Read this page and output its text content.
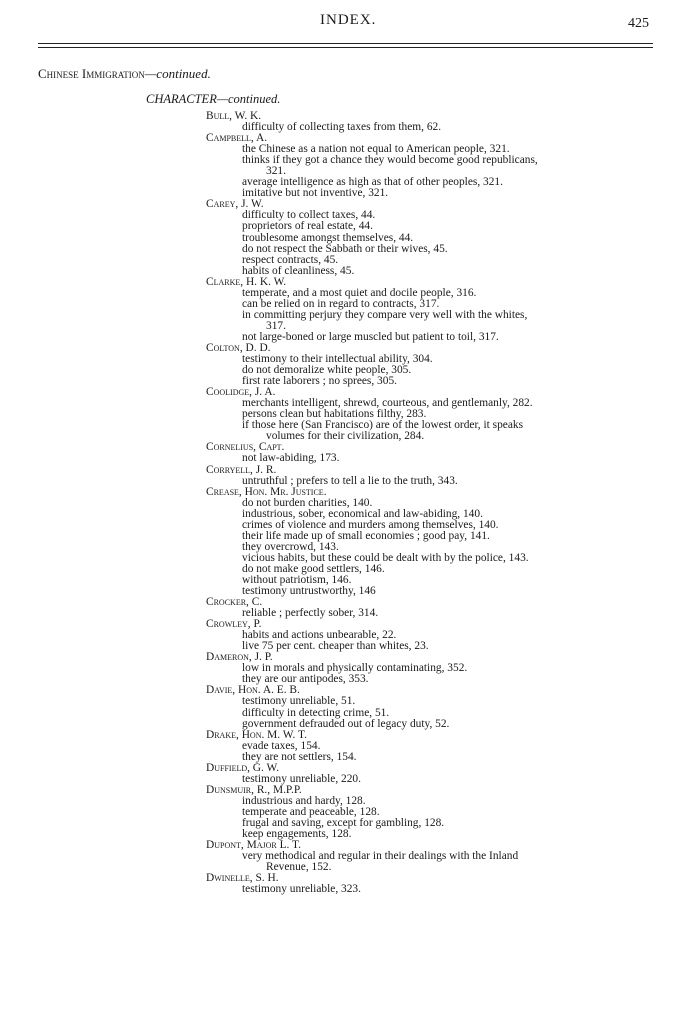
INDEX.	425
Chinese Immigration—continued.
CHARACTER—continued.
Bull, W. K.
difficulty of collecting taxes from them, 62.
Campbell, A.
the Chinese as a nation not equal to American people, 321.
thinks if they got a chance they would become good republicans,
321.
average intelligence as high as that of other peoples, 321.
imitative but not inventive, 321.
Carey, J. W.
difficulty to collect taxes, 44.
proprietors of real estate, 44.
troublesome amongst themselves, 44.
do not respect the Sabbath or their wives, 45.
respect contracts, 45.
habits of cleanliness, 45.
Clarke, H. K. W.
temperate, and a most quiet and docile people, 316.
can be relied on in regard to contracts, 317.
in committing perjury they compare very well with the whites,
317.
not large-boned or large muscled but patient to toil, 317.
Colton, D. D.
testimony to their intellectual ability, 304.
do not demoralize white people, 305.
first rate laborers ; no sprees, 305.
Coolidge, J. A.
merchants intelligent, shrewd, courteous, and gentlemanly, 282.
persons clean but habitations filthy, 283.
if those here (San Francisco) are of the lowest order, it speaks
volumes for their civilization, 284.
Cornelius, Capt.
not law-abiding, 173.
Corryell, J. R.
untruthful ; prefers to tell a lie to the truth, 343.
Crease, Hon. Mr. Justice.
do not burden charities, 140.
industrious, sober, economical and law-abiding, 140.
crimes of violence and murders among themselves, 140.
their life made up of small economies ; good pay, 141.
they overcrowd, 143.
vicious habits, but these could be dealt with by the police, 143.
do not make good settlers, 146.
without patriotism, 146.
testimony untrustworthy, 146
Crocker, C.
reliable ; perfectly sober, 314.
Crowley, P.
habits and actions unbearable, 22.
live 75 per cent. cheaper than whites, 23.
Dameron, J. P.
low in morals and physically contaminating, 352.
they are our antipodes, 353.
Davie, Hon. A. E. B.
testimony unreliable, 51.
difficulty in detecting crime, 51.
government defrauded out of legacy duty, 52.
Drake, Hon. M. W. T.
evade taxes, 154.
they are not settlers, 154.
Duffield, G. W.
testimony unreliable, 220.
Dunsmuir, R., M.P.P.
industrious and hardy, 128.
temperate and peaceable, 128.
frugal and saving, except for gambling, 128.
keep engagements, 128.
Dupont, Major L. T.
very methodical and regular in their dealings with the Inland
Revenue, 152.
Dwinelle, S. H.
testimony unreliable, 323.
